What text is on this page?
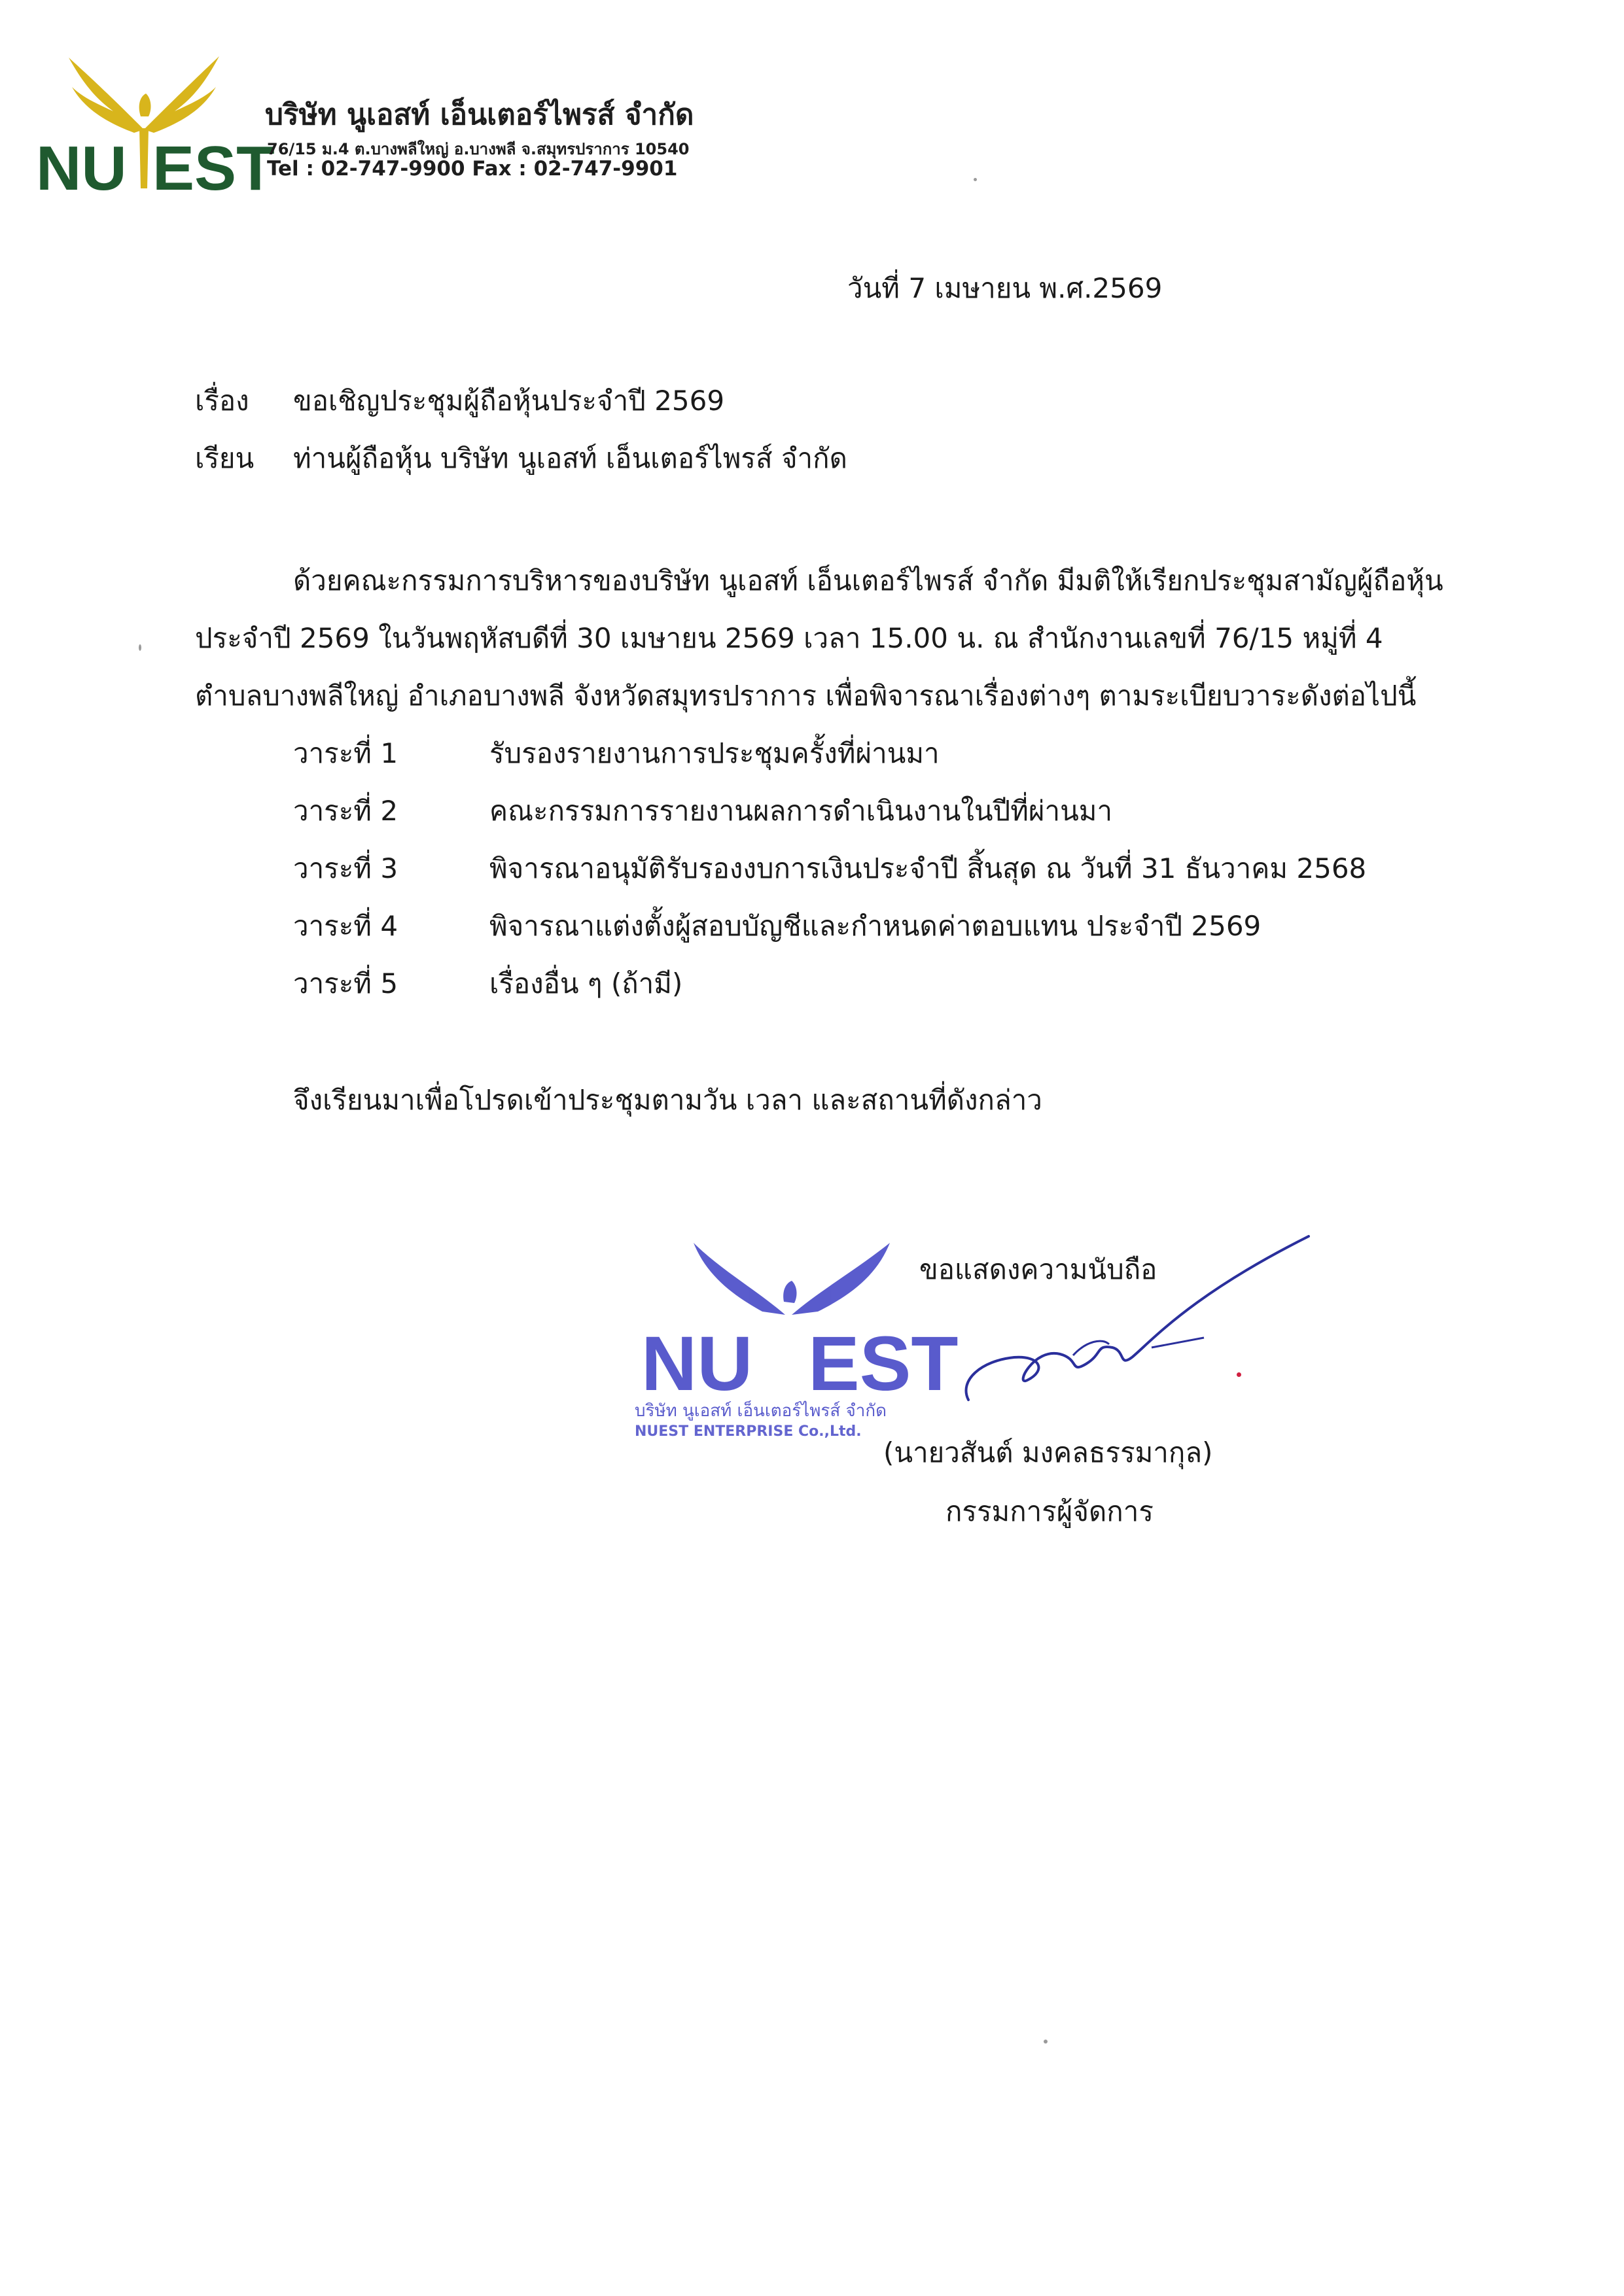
NU EST
บริษัท นูเอสท์ เอ็นเตอร์ไพรส์ จำกัด
76/15 ม.4 ต.บางพลีใหญ่ อ.บางพลี จ.สมุทรปราการ 10540
Tel : 02-747-9900 Fax : 02-747-9901
วันที่ 7 เมษายน พ.ศ.2569
เรื่อง ขอเชิญประชุมผู้ถือหุ้นประจำปี 2569
เรียน ท่านผู้ถือหุ้น บริษัท นูเอสท์ เอ็นเตอร์ไพรส์ จำกัด
ด้วยคณะกรรมการบริหารของบริษัท นูเอสท์ เอ็นเตอร์ไพรส์ จำกัด มีมติให้เรียกประชุมสามัญผู้ถือหุ้น
ประจำปี 2569 ในวันพฤหัสบดีที่ 30 เมษายน 2569 เวลา 15.00 น. ณ สำนักงานเลขที่ 76/15 หมู่ที่ 4
ตำบลบางพลีใหญ่ อำเภอบางพลี จังหวัดสมุทรปราการ เพื่อพิจารณาเรื่องต่างๆ ตามระเบียบวาระดังต่อไปนี้
วาระที่ 1	รับรองรายงานการประชุมครั้งที่ผ่านมา
วาระที่ 2	คณะกรรมการรายงานผลการดำเนินงานในปีที่ผ่านมา
วาระที่ 3	พิจารณาอนุมัติรับรองงบการเงินประจำปี สิ้นสุด ณ วันที่ 31 ธันวาคม 2568
วาระที่ 4	พิจารณาแต่งตั้งผู้สอบบัญชีและกำหนดค่าตอบแทน ประจำปี 2569
วาระที่ 5	เรื่องอื่น ๆ (ถ้ามี)
จึงเรียนมาเพื่อโปรดเข้าประชุมตามวัน เวลา และสถานที่ดังกล่าว
NU EST
บริษัท นูเอสท์ เอ็นเตอร์ไพรส์ จำกัด
NUEST ENTERPRISE Co.,Ltd.
ขอแสดงความนับถือ
(นายวสันต์ มงคลธรรมากุล)
กรรมการผู้จัดการ
